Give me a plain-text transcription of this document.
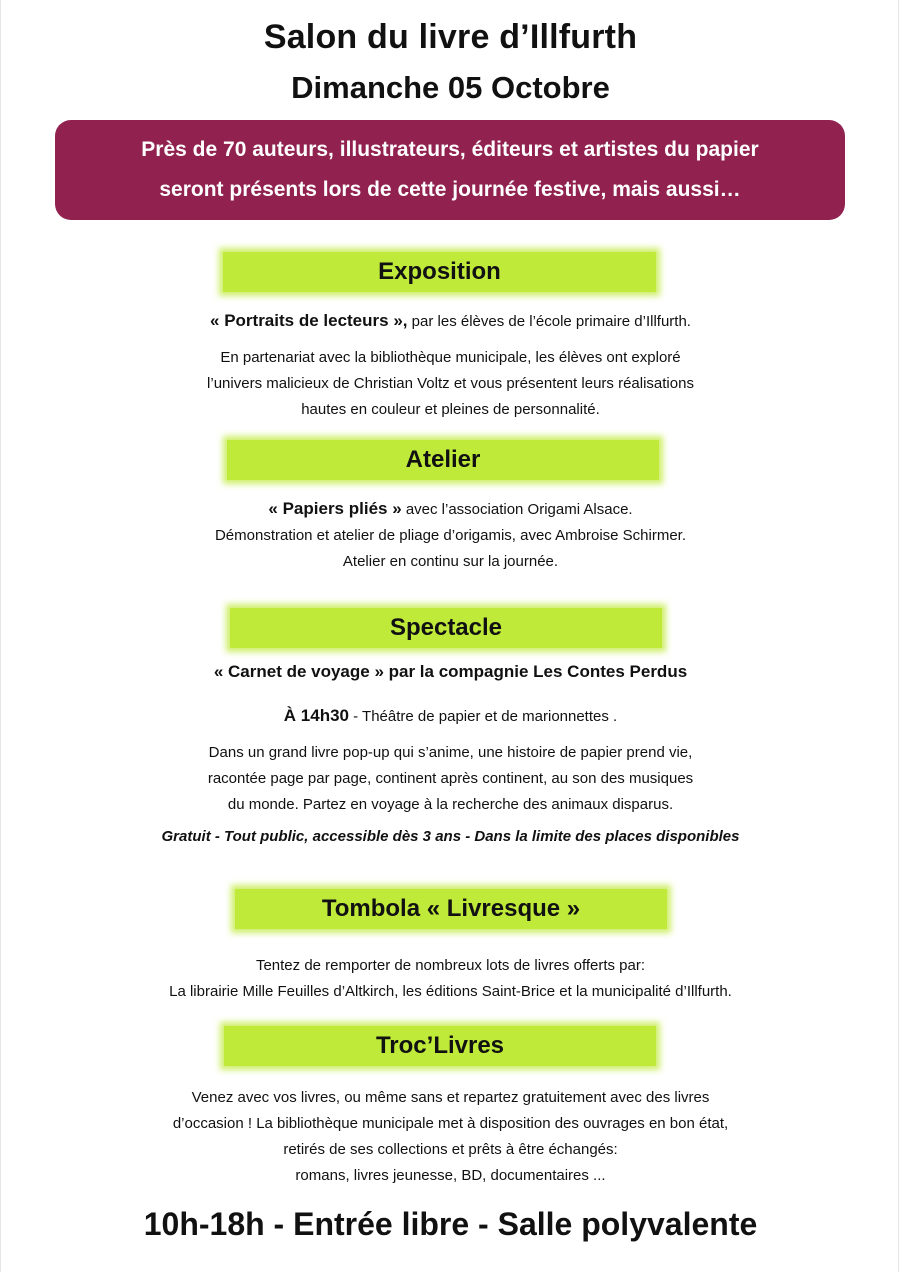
Salon du livre d’Illfurth
Dimanche 05 Octobre
Près de 70 auteurs, illustrateurs, éditeurs et artistes du papier
seront présents lors de cette journée festive, mais aussi…
Exposition
« Portraits de lecteurs », par les élèves de l’école primaire d’Illfurth.
En partenariat avec la bibliothèque municipale, les élèves ont exploré
l’univers malicieux de Christian Voltz et vous présentent leurs réalisations
hautes en couleur et pleines de personnalité.
Atelier
« Papiers pliés » avec l’association Origami Alsace.
Démonstration et atelier de pliage d’origamis, avec Ambroise Schirmer.
Atelier en continu sur la journée.
Spectacle
« Carnet de voyage » par la compagnie Les Contes Perdus
À 14h30 - Théâtre de papier et de marionnettes .
Dans un grand livre pop-up qui s’anime, une histoire de papier prend vie,
racontée page par page, continent après continent, au son des musiques
du monde. Partez en voyage à la recherche des animaux disparus.
Gratuit - Tout public, accessible dès 3 ans - Dans la limite des places disponibles
Tombola « Livresque »
Tentez de remporter de nombreux lots de livres offerts par:
La librairie Mille Feuilles d’Altkirch, les éditions Saint-Brice et la municipalité d’Illfurth.
Troc’Livres
Venez avec vos livres, ou même sans et repartez gratuitement avec des livres
d’occasion ! La bibliothèque municipale met à disposition des ouvrages en bon état,
retirés de ses collections et prêts à être échangés:
romans, livres jeunesse, BD, documentaires ...
10h-18h - Entrée libre - Salle polyvalente
